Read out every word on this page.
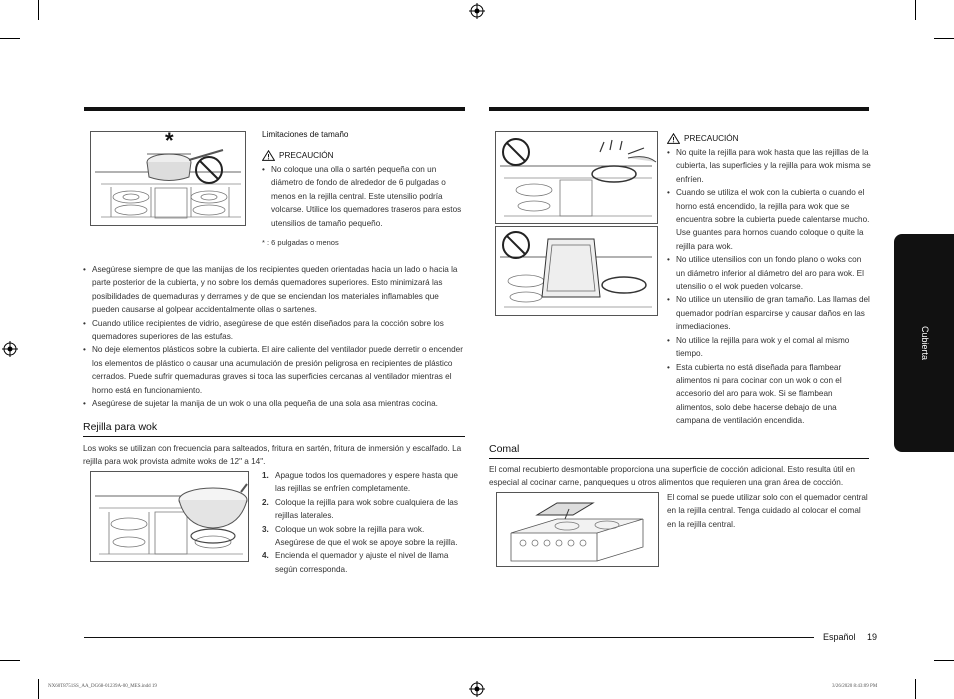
*	Limitaciones de tamaño
PRECAUCIÓN
• No coloque una olla o sartén pequeña con un diámetro de fondo de alrededor de 6 pulgadas o menos en la rejilla central. Este utensilio podría volcarse. Utilice los quemadores traseros para estos utensilios de tamaño pequeño.
* : 6 pulgadas o menos
• Asegúrese siempre de que las manijas de los recipientes queden orientadas hacia un lado o hacia la parte posterior de la cubierta, y no sobre los demás quemadores superiores. Esto minimizará las posibilidades de quemaduras y derrames y de que se enciendan los materiales inflamables que pueden causarse al golpear accidentalmente ollas o sartenes.
• Cuando utilice recipientes de vidrio, asegúrese de que estén diseñados para la cocción sobre los quemadores superiores de las estufas.
• No deje elementos plásticos sobre la cubierta. El aire caliente del ventilador puede derretir o encender los elementos de plástico o causar una acumulación de presión peligrosa en recipientes de plástico cerrados. Puede sufrir quemaduras graves si toca las superficies cercanas al ventilador mientras el horno está en funcionamiento.
• Asegúrese de sujetar la manija de un wok o una olla pequeña de una sola asa mientras cocina.
Rejilla para wok
Los woks se utilizan con frecuencia para salteados, fritura en sartén, fritura de inmersión y escalfado. La rejilla para wok provista admite woks de 12" a 14".
1. Apague todos los quemadores y espere hasta que las rejillas se enfríen completamente.
2. Coloque la rejilla para wok sobre cualquiera de las rejillas laterales.
3. Coloque un wok sobre la rejilla para wok. Asegúrese de que el wok se apoye sobre la rejilla.
4. Encienda el quemador y ajuste el nivel de llama según corresponda.
PRECAUCIÓN
• No quite la rejilla para wok hasta que las rejillas de la cubierta, las superficies y la rejilla para wok misma se enfríen.
• Cuando se utiliza el wok con la cubierta o cuando el horno está encendido, la rejilla para wok que se encuentra sobre la cubierta puede calentarse mucho. Use guantes para hornos cuando coloque o quite la rejilla para wok.
• No utilice utensilios con un fondo plano o woks con un diámetro inferior al diámetro del aro para wok. El utensilio o el wok pueden volcarse.
• No utilice un utensilio de gran tamaño. Las llamas del quemador podrían esparcirse y causar daños en las inmediaciones.
• No utilice la rejilla para wok y el comal al mismo tiempo.
• Esta cubierta no está diseñada para flambear alimentos ni para cocinar con un wok o con el accesorio del aro para wok. Si se flambean alimentos, solo debe hacerse debajo de una campana de ventilación encendida.
Comal
El comal recubierto desmontable proporciona una superficie de cocción adicional. Esto resulta útil en especial al cocinar carne, panqueques u otros alimentos que requieren una gran área de cocción.
El comal se puede utilizar solo con el quemador central en la rejilla central. Tenga cuidado al colocar el comal en la rejilla central.
Cubierta
Español 19
NX60T8751SS_AA_DG68-01239A-00_MES.indd 19	3/26/2020 8:43:09 PM
